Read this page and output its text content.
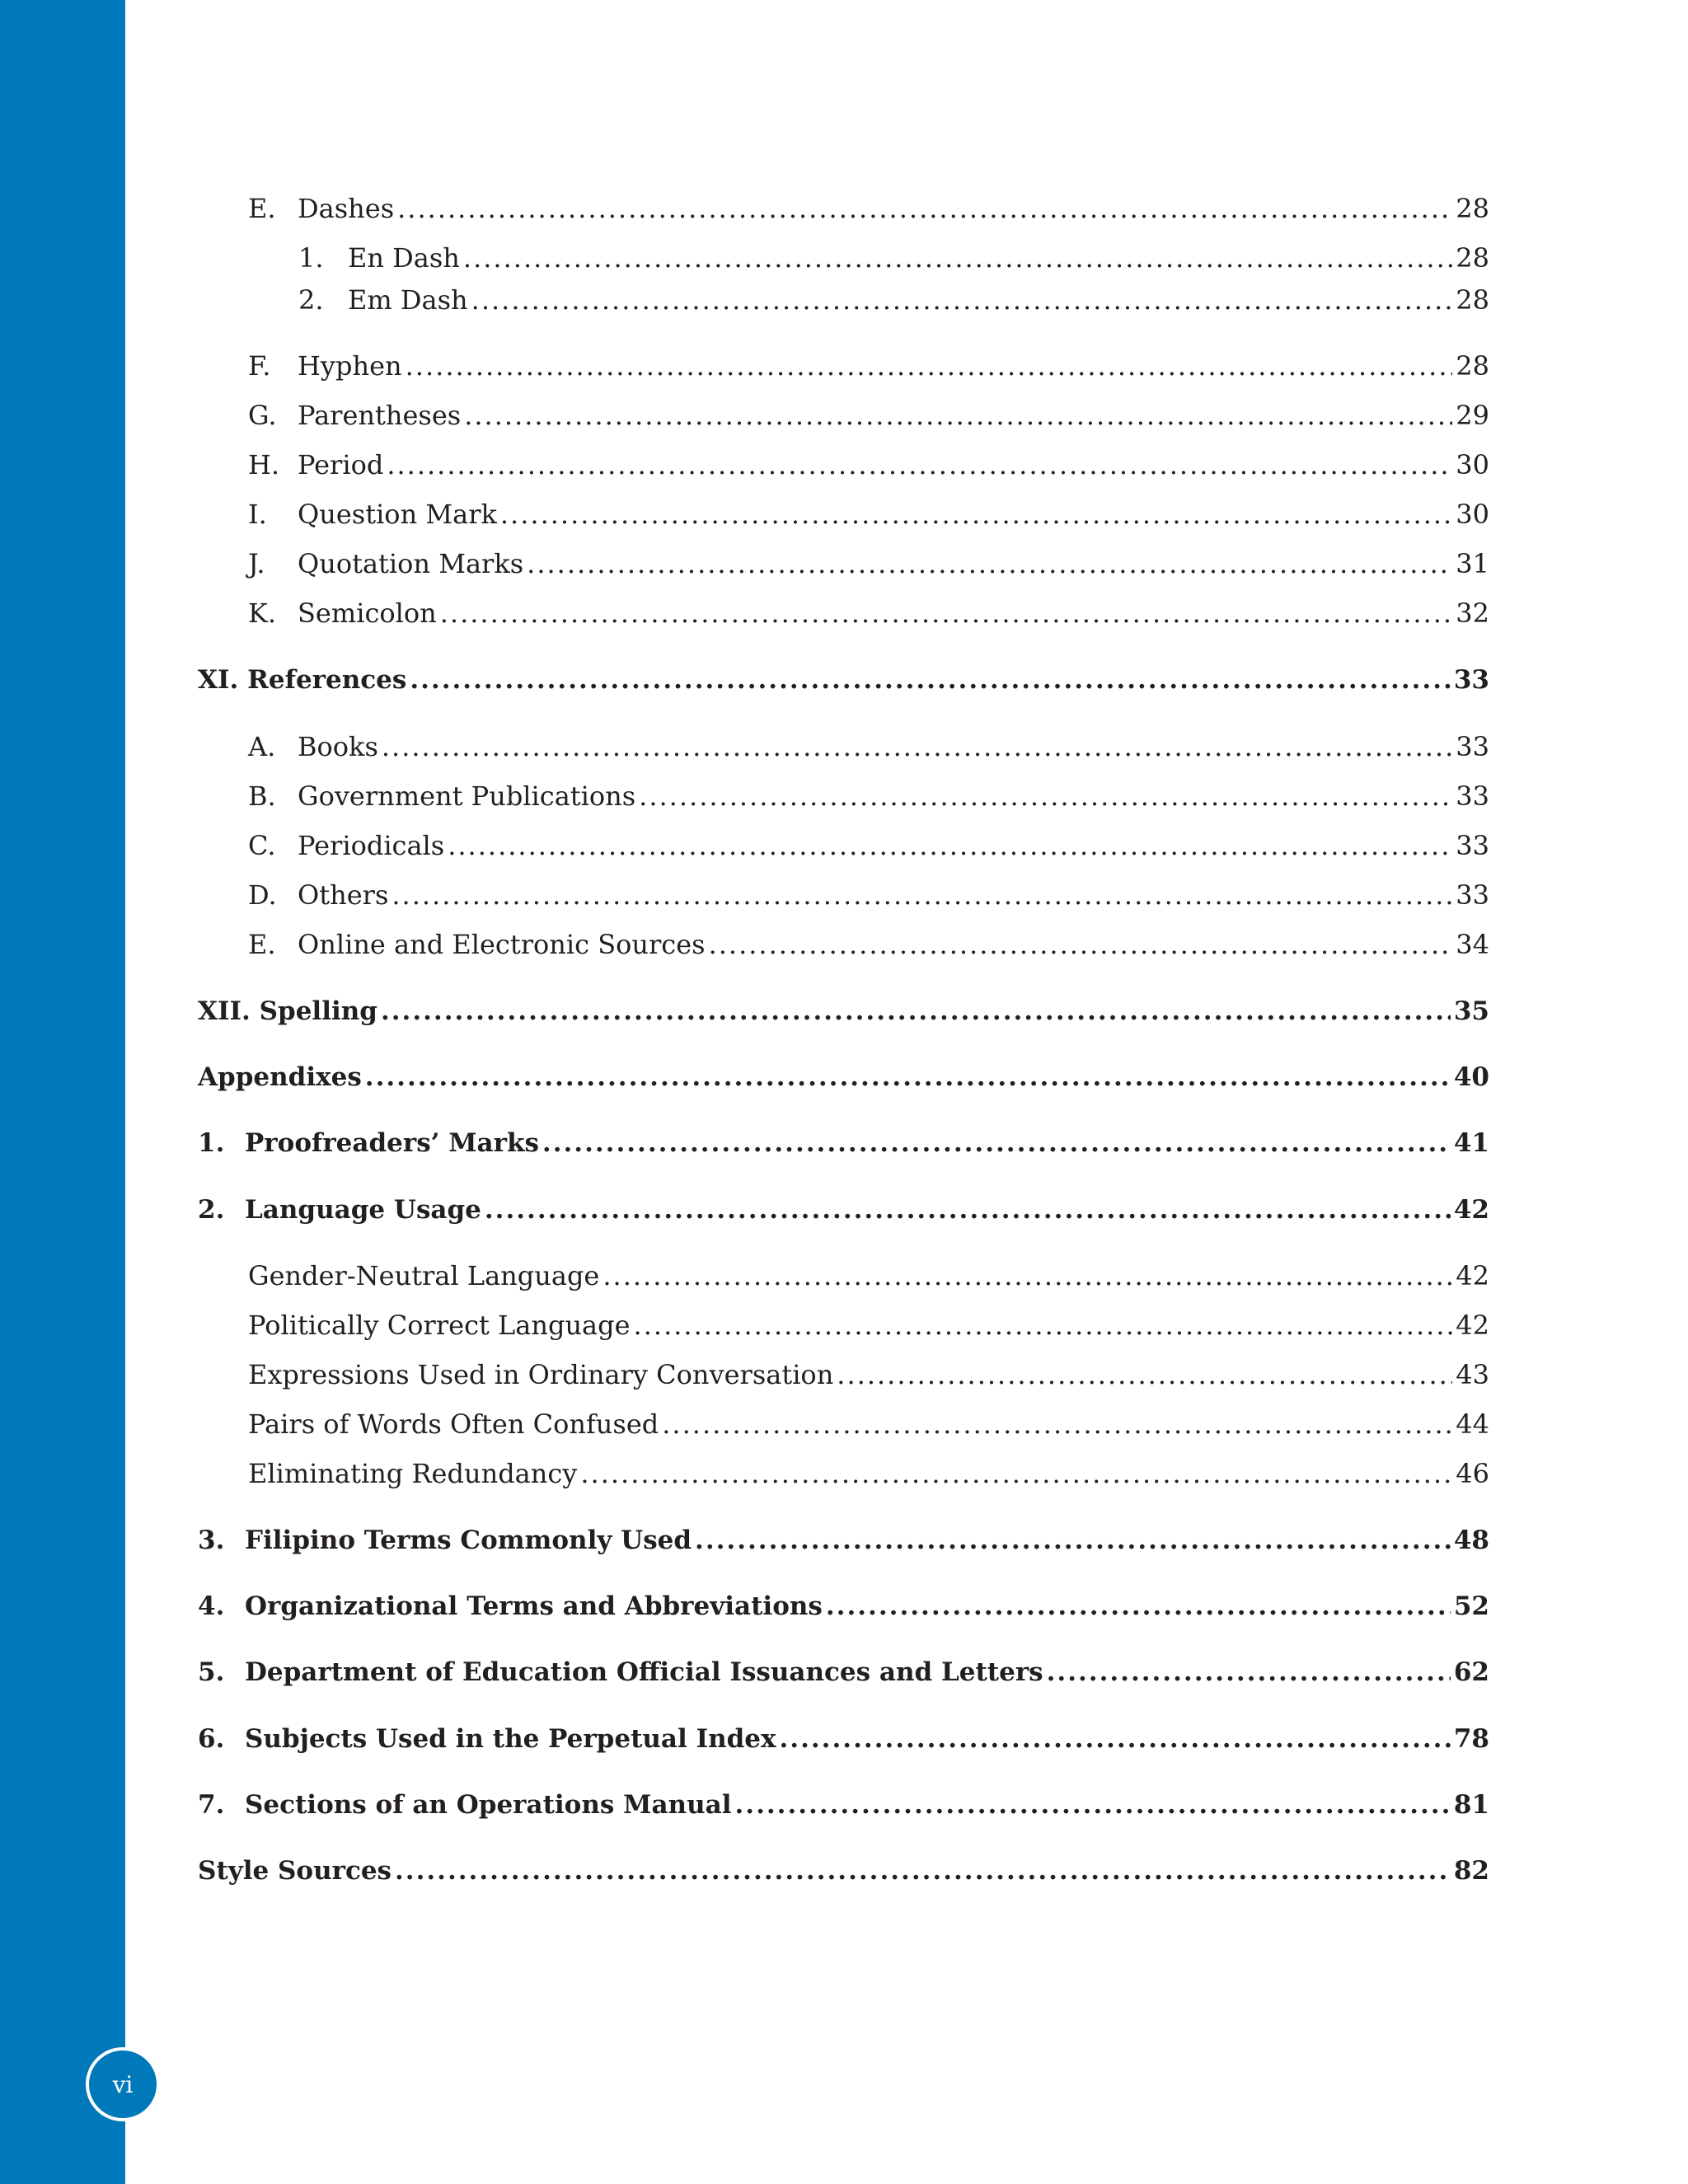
vi
E. Dashes .....	28
1. En Dash .....	28
2. Em Dash .....	28
F.	Hyphen .....	28
G. Parentheses .....	29
H. Period .....	30
I.	Question Mark .....	30
J.	Quotation Marks .....	31
K. Semicolon .....	32
XI. References .....	33
A. Books .....	33
B. Government Publications .....	33
C. Periodicals .....	33
D. Others .....	33
E. Online and Electronic Sources .....	34
XII. Spelling .....	35
Appendixes .....	40
1. Proofreaders’ Marks .....	41
2. Language Usage .....	42
Gender-Neutral Language .....	42
Politically Correct Language .....	42
Expressions Used in Ordinary Conversation .....	43
Pairs of Words Often Confused .....	44
Eliminating Redundancy .....	46
3. Filipino Terms Commonly Used .....	48
4. Organizational Terms and Abbreviations .....	52
5. Department of Education Official Issuances and Letters .....	62
6. Subjects Used in the Perpetual Index .....	78
7. Sections of an Operations Manual .....	81
Style Sources .....	82
